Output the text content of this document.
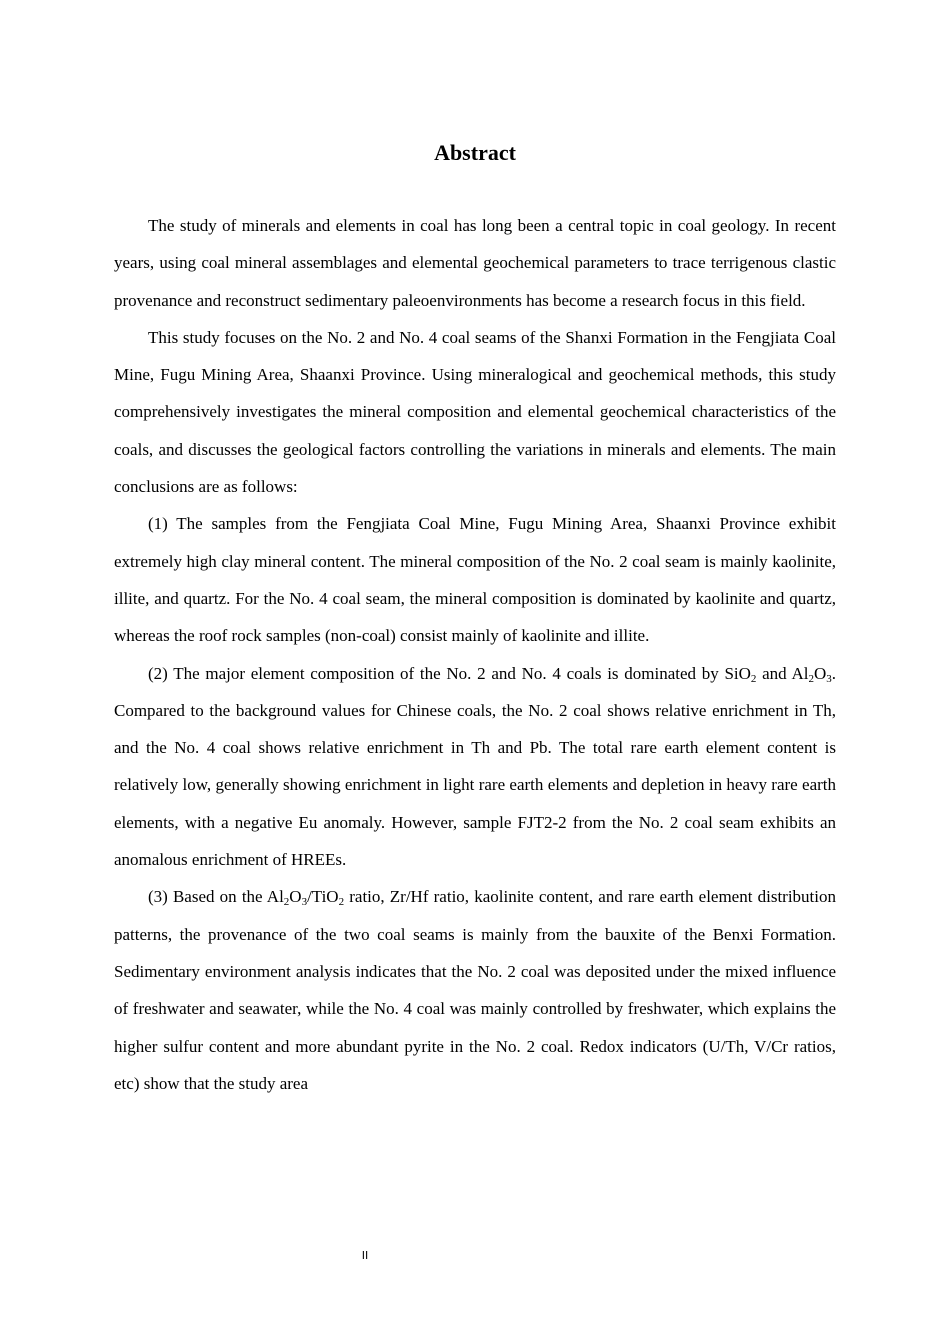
Abstract

The study of minerals and elements in coal has long been a central topic in coal geology. In recent years, using coal mineral assemblages and elemental geochemical parameters to trace terrigenous clastic provenance and reconstruct sedimentary paleoenvironments has become a research focus in this field.

This study focuses on the No. 2 and No. 4 coal seams of the Shanxi Formation in the Fengjiata Coal Mine, Fugu Mining Area, Shaanxi Province. Using mineralogical and geochemical methods, this study comprehensively investigates the mineral composition and elemental geochemical characteristics of the coals, and discusses the geological factors controlling the variations in minerals and elements. The main conclusions are as follows:

(1) The samples from the Fengjiata Coal Mine, Fugu Mining Area, Shaanxi Province exhibit extremely high clay mineral content. The mineral composition of the No. 2 coal seam is mainly kaolinite, illite, and quartz. For the No. 4 coal seam, the mineral composition is dominated by kaolinite and quartz, whereas the roof rock samples (non-coal) consist mainly of kaolinite and illite.

(2) The major element composition of the No. 2 and No. 4 coals is dominated by SiO$_2$ and $Al_2O_3$. Compared to the background values for Chinese coals, the No. 2 coal shows relative enrichment in Th, and the No. 4 coal shows relative enrichment in Th and Pb. The total rare earth element content is relatively low, generally showing enrichment in light rare earth elements and depletion in heavy rare earth elements, with a negative Eu anomaly. However, sample FJT2-2 from the No. 2 coal seam exhibits an anomalous enrichment of HREEs.

(3) Based on the $Al_2O_3/TiO_2$ ratio, Zr/Hf ratio, kaolinite content, and rare earth element distribution patterns, the provenance of the two coal seams is mainly from the bauxite of the Benxi Formation. Sedimentary environment analysis indicates that the No. 2 coal was deposited under the mixed influence of freshwater and seawater, while the No. 4 coal was mainly controlled by freshwater, which explains the higher sulfur content and more abundant pyrite in the No. 2 coal. Redox indicators (U/Th, V/Cr ratios, etc) show that the study area

II
